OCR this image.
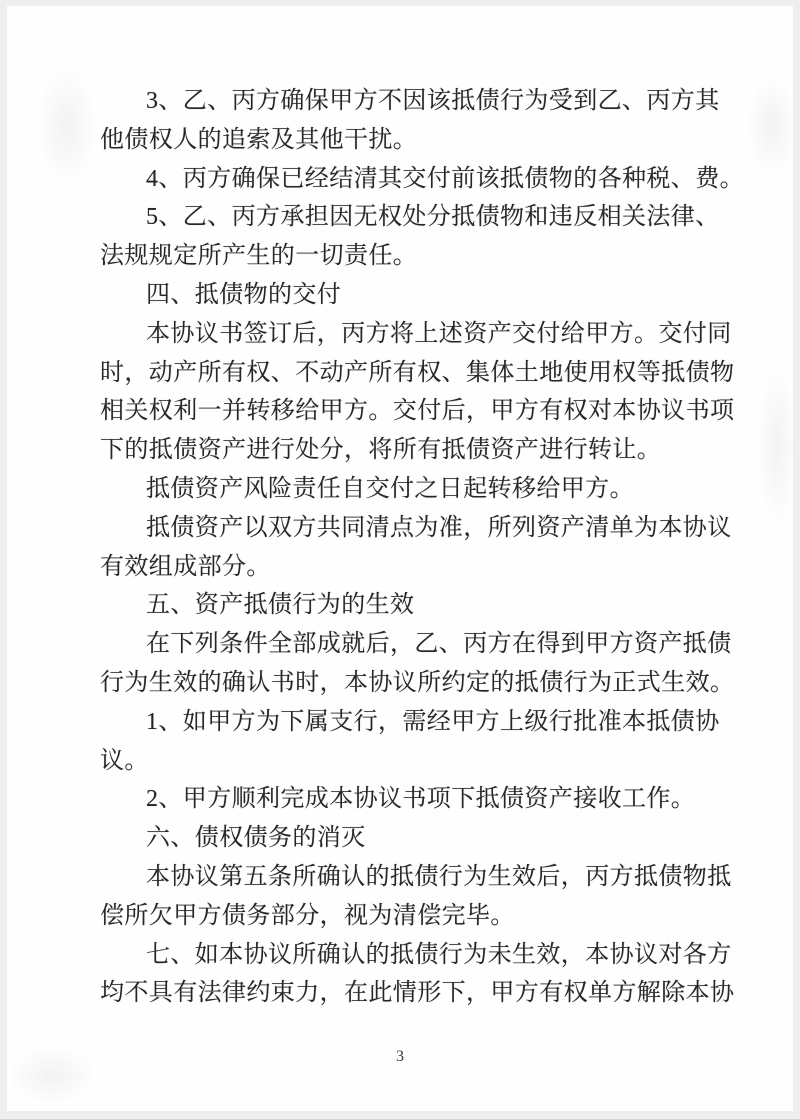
3、乙、丙方确保甲方不因该抵债行为受到乙、丙方其
他债权人的追索及其他干扰。
4、丙方确保已经结清其交付前该抵债物的各种税、费。
5、乙、丙方承担因无权处分抵债物和违反相关法律、
法规规定所产生的一切责任。
四、抵债物的交付
本协议书签订后，丙方将上述资产交付给甲方。交付同
时，动产所有权、不动产所有权、集体土地使用权等抵债物
相关权利一并转移给甲方。交付后，甲方有权对本协议书项
下的抵债资产进行处分，将所有抵债资产进行转让。
抵债资产风险责任自交付之日起转移给甲方。
抵债资产以双方共同清点为准，所列资产清单为本协议
有效组成部分。
五、资产抵债行为的生效
在下列条件全部成就后，乙、丙方在得到甲方资产抵债
行为生效的确认书时，本协议所约定的抵债行为正式生效。
1、如甲方为下属支行，需经甲方上级行批准本抵债协
议。
2、甲方顺利完成本协议书项下抵债资产接收工作。
六、债权债务的消灭
本协议第五条所确认的抵债行为生效后，丙方抵债物抵
偿所欠甲方债务部分，视为清偿完毕。
七、如本协议所确认的抵债行为未生效，本协议对各方
均不具有法律约束力，在此情形下，甲方有权单方解除本协
3
